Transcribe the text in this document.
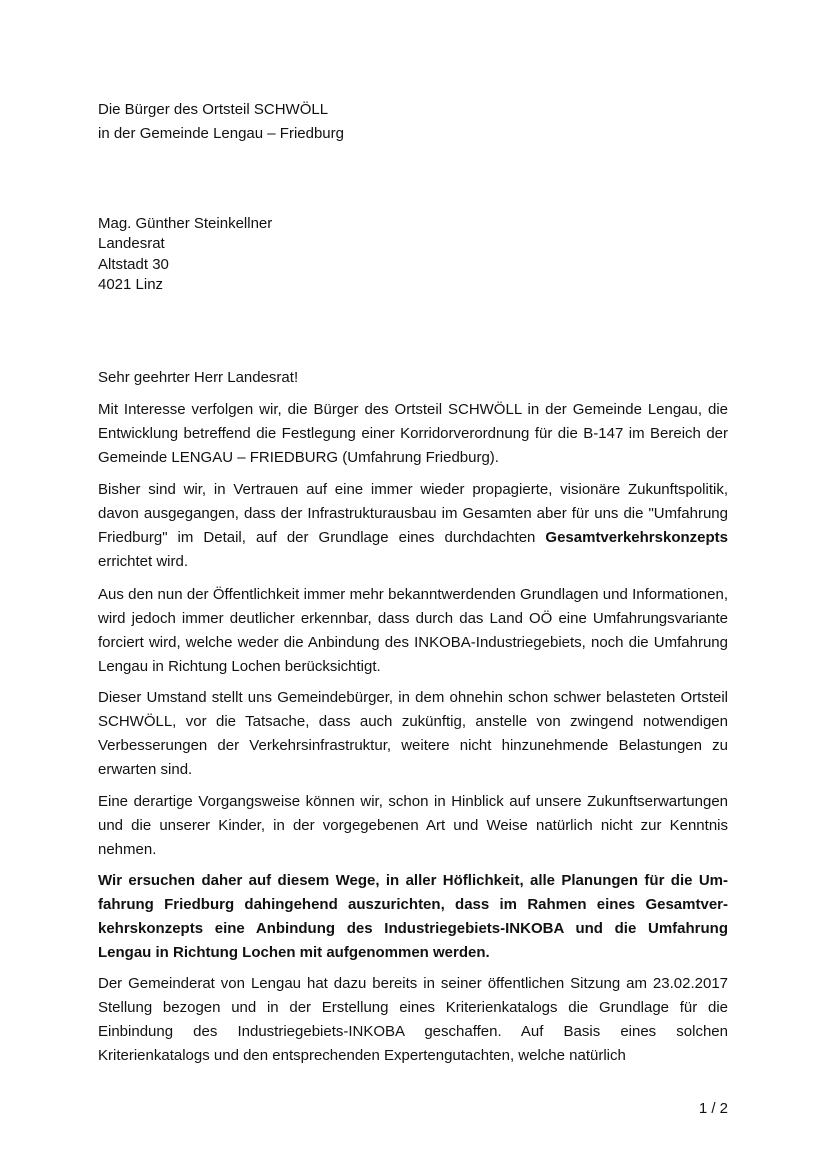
Die Bürger des Ortsteil SCHWÖLL
in der Gemeinde Lengau – Friedburg
Mag. Günther Steinkellner
Landesrat
Altstadt 30
4021 Linz
Sehr geehrter Herr Landesrat!

Mit Interesse verfolgen wir, die Bürger des Ortsteil SCHWÖLL in der Gemeinde Lengau, die Entwicklung betreffend die Festlegung einer Korridorverordnung für die B-147 im Bereich der Gemeinde LENGAU – FRIEDBURG (Umfahrung Friedburg).

Bisher sind wir, in Vertrauen auf eine immer wieder propagierte, visionäre Zukunftspolitik, davon ausgegangen, dass der Infrastrukturausbau im Gesamten aber für uns die "Umfahrung Friedburg" im Detail, auf der Grundlage eines durchdachten Gesamtverkehrskonzepts errichtet wird.

Aus den nun der Öffentlichkeit immer mehr bekanntwerdenden Grundlagen und Informationen, wird jedoch immer deutlicher erkennbar, dass durch das Land OÖ eine Umfahrungsvariante forciert wird, welche weder die Anbindung des INKOBA-Industriegebiets, noch die Umfahrung Lengau in Richtung Lochen berücksichtigt.

Dieser Umstand stellt uns Gemeindebürger, in dem ohnehin schon schwer belasteten Ortsteil SCHWÖLL, vor die Tatsache, dass auch zukünftig, anstelle von zwingend notwendigen Verbesserungen der Verkehrsinfrastruktur, weitere nicht hinzunehmende Belastungen zu erwarten sind.

Eine derartige Vorgangsweise können wir, schon in Hinblick auf unsere Zukunftserwartungen und die unserer Kinder, in der vorgegebenen Art und Weise natürlich nicht zur Kenntnis nehmen.

Wir ersuchen daher auf diesem Wege, in aller Höflichkeit, alle Planungen für die Umfahrung Friedburg dahingehend auszurichten, dass im Rahmen eines Gesamtverkehrskonzepts eine Anbindung des Industriegebiets-INKOBA und die Umfahrung Lengau in Richtung Lochen mit aufgenommen werden.

Der Gemeinderat von Lengau hat dazu bereits in seiner öffentlichen Sitzung am 23.02.2017 Stellung bezogen und in der Erstellung eines Kriterienkatalogs die Grundlage für die Einbindung des Industriegebiets-INKOBA geschaffen. Auf Basis eines solchen Kriterienkatalogs und den entsprechenden Expertengutachten, welche natürlich

1 / 2
